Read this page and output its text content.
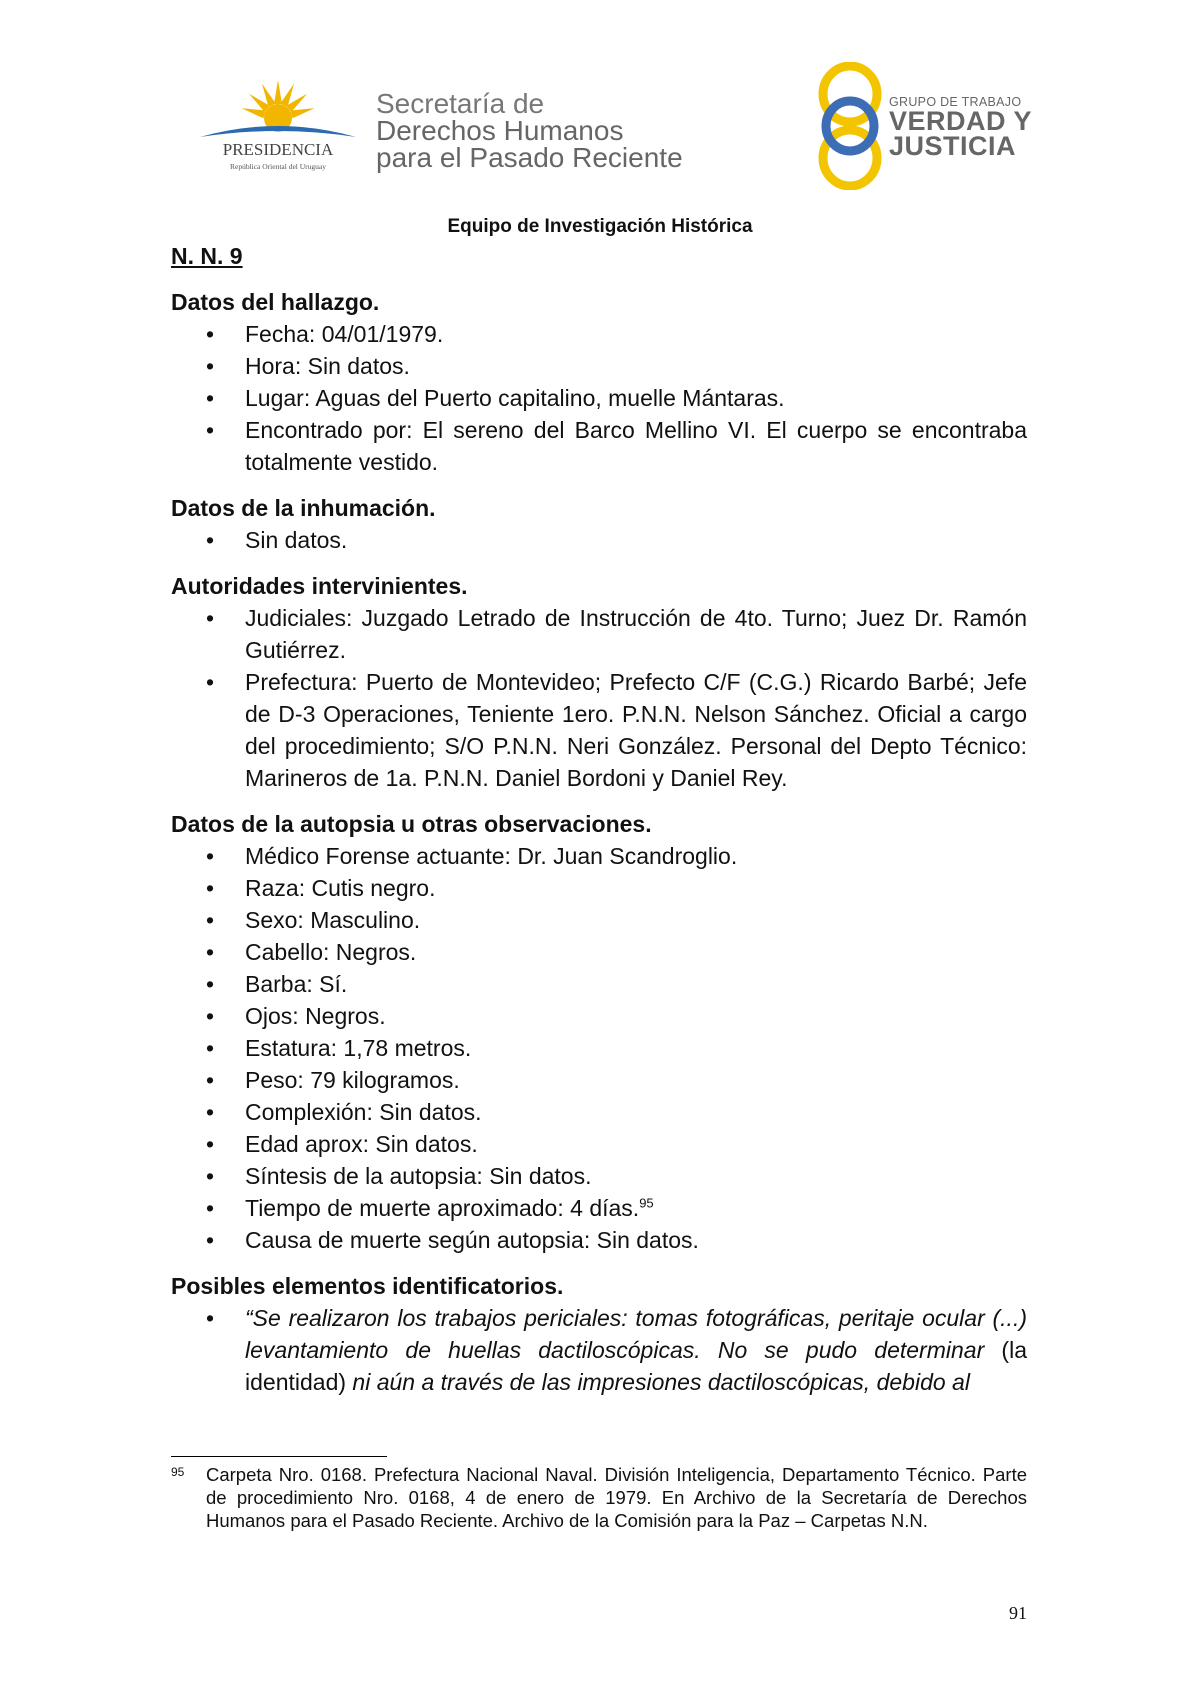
PRESIDENCIA
República Oriental del Uruguay
Secretaría de
Derechos Humanos
para el Pasado Reciente
GRUPO DE TRABAJO
VERDAD Y
JUSTICIA
Equipo de Investigación Histórica
N. N. 9
Datos del hallazgo.
• Fecha: 04/01/1979.
• Hora: Sin datos.
• Lugar: Aguas del Puerto capitalino, muelle Mántaras.
• Encontrado por: El sereno del Barco Mellino VI. El cuerpo se encontraba totalmente vestido.
Datos de la inhumación.
• Sin datos.
Autoridades intervinientes.
• Judiciales: Juzgado Letrado de Instrucción de 4to. Turno; Juez Dr. Ramón Gutiérrez.
• Prefectura: Puerto de Montevideo; Prefecto C/F (C.G.) Ricardo Barbé; Jefe de D-3 Operaciones, Teniente 1ero. P.N.N. Nelson Sánchez. Oficial a cargo del procedimiento; S/O P.N.N. Neri González. Personal del Depto Técnico: Marineros de 1a. P.N.N. Daniel Bordoni y Daniel Rey.
Datos de la autopsia u otras observaciones.
• Médico Forense actuante: Dr. Juan Scandroglio.
• Raza: Cutis negro.
• Sexo: Masculino.
• Cabello: Negros.
• Barba: Sí.
• Ojos: Negros.
• Estatura: 1,78 metros.
• Peso: 79 kilogramos.
• Complexión: Sin datos.
• Edad aprox: Sin datos.
• Síntesis de la autopsia: Sin datos.
• Tiempo de muerte aproximado: 4 días.$^{95}$
• Causa de muerte según autopsia: Sin datos.
Posibles elementos identificatorios.
• “Se realizaron los trabajos periciales: tomas fotográficas, peritaje ocular (...) levantamiento de huellas dactiloscópicas. No se pudo determinar (la identidad) ni aún a través de las impresiones dactiloscópicas, debido al
95 Carpeta Nro. 0168. Prefectura Nacional Naval. División Inteligencia, Departamento Técnico. Parte de procedimiento Nro. 0168, 4 de enero de 1979. En Archivo de la Secretaría de Derechos Humanos para el Pasado Reciente. Archivo de la Comisión para la Paz – Carpetas N.N.
91
